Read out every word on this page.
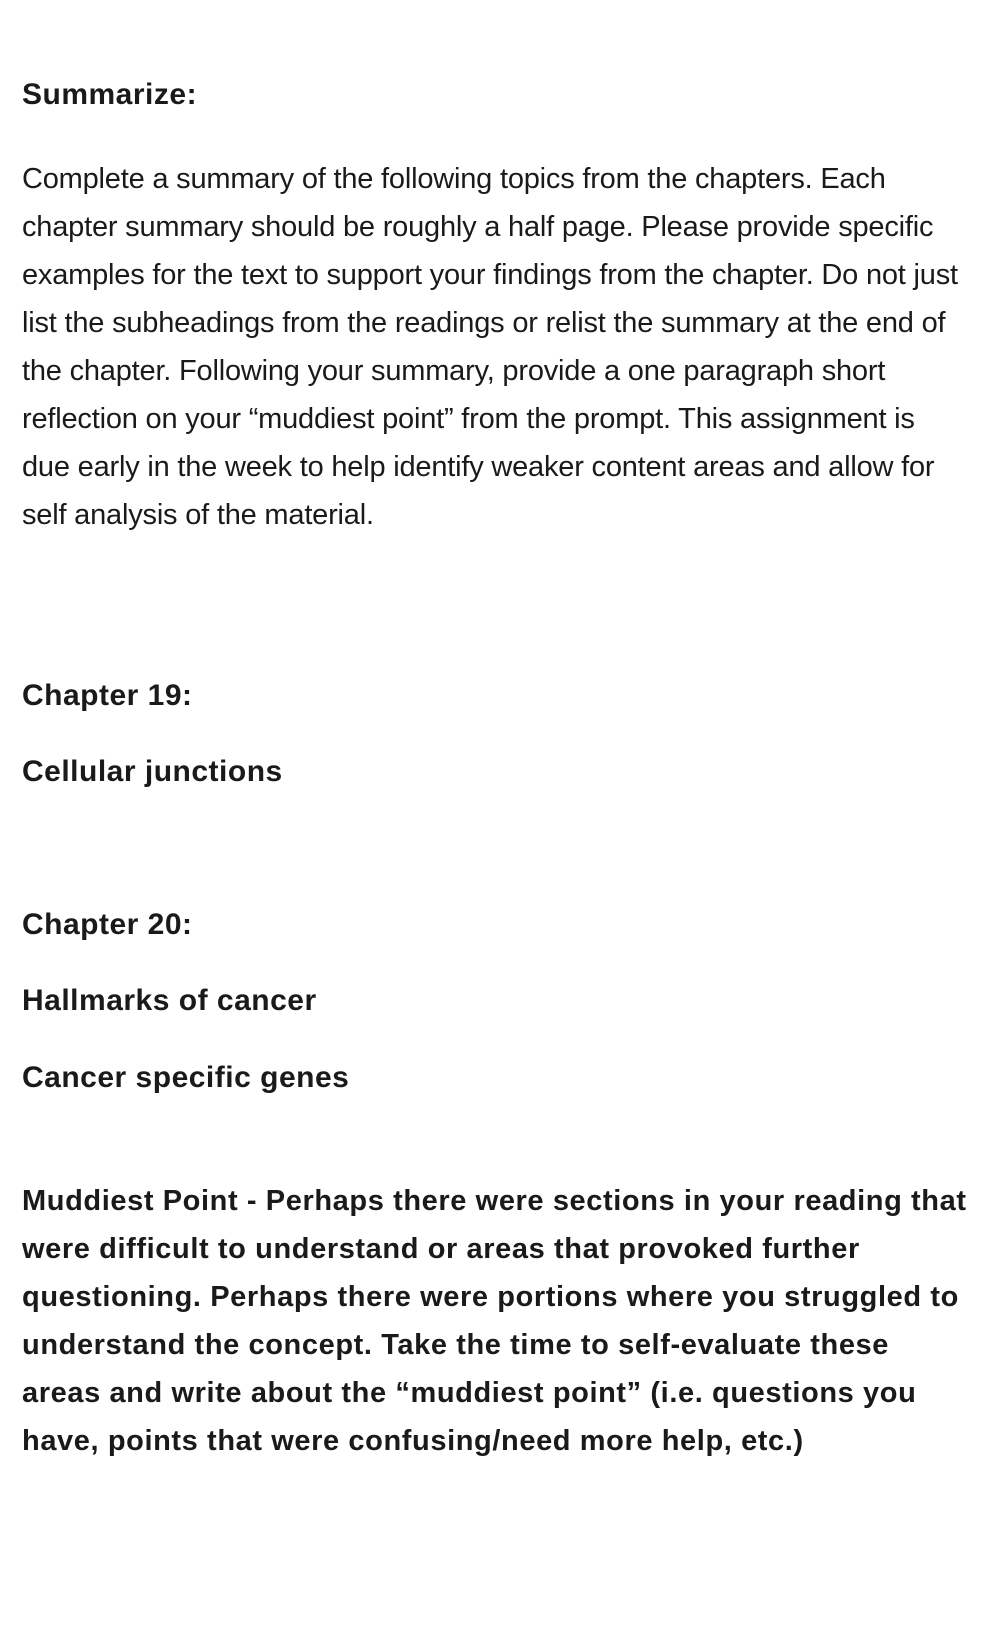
Summarize:
Complete a summary of the following topics from the chapters. Each chapter summary should be roughly a half page. Please provide specific examples for the text to support your findings from the chapter. Do not just list the subheadings from the readings or relist the summary at the end of the chapter. Following your summary, provide a one paragraph short reflection on your “muddiest point” from the prompt. This assignment is due early in the week to help identify weaker content areas and allow for self analysis of the material.
Chapter 19:
Cellular junctions
Chapter 20:
Hallmarks of cancer
Cancer specific genes
Muddiest Point - Perhaps there were sections in your reading that were difficult to understand or areas that provoked further questioning. Perhaps there were portions where you struggled to understand the concept. Take the time to self-evaluate these areas and write about the “muddiest point” (i.e. questions you have, points that were confusing/need more help, etc.)
